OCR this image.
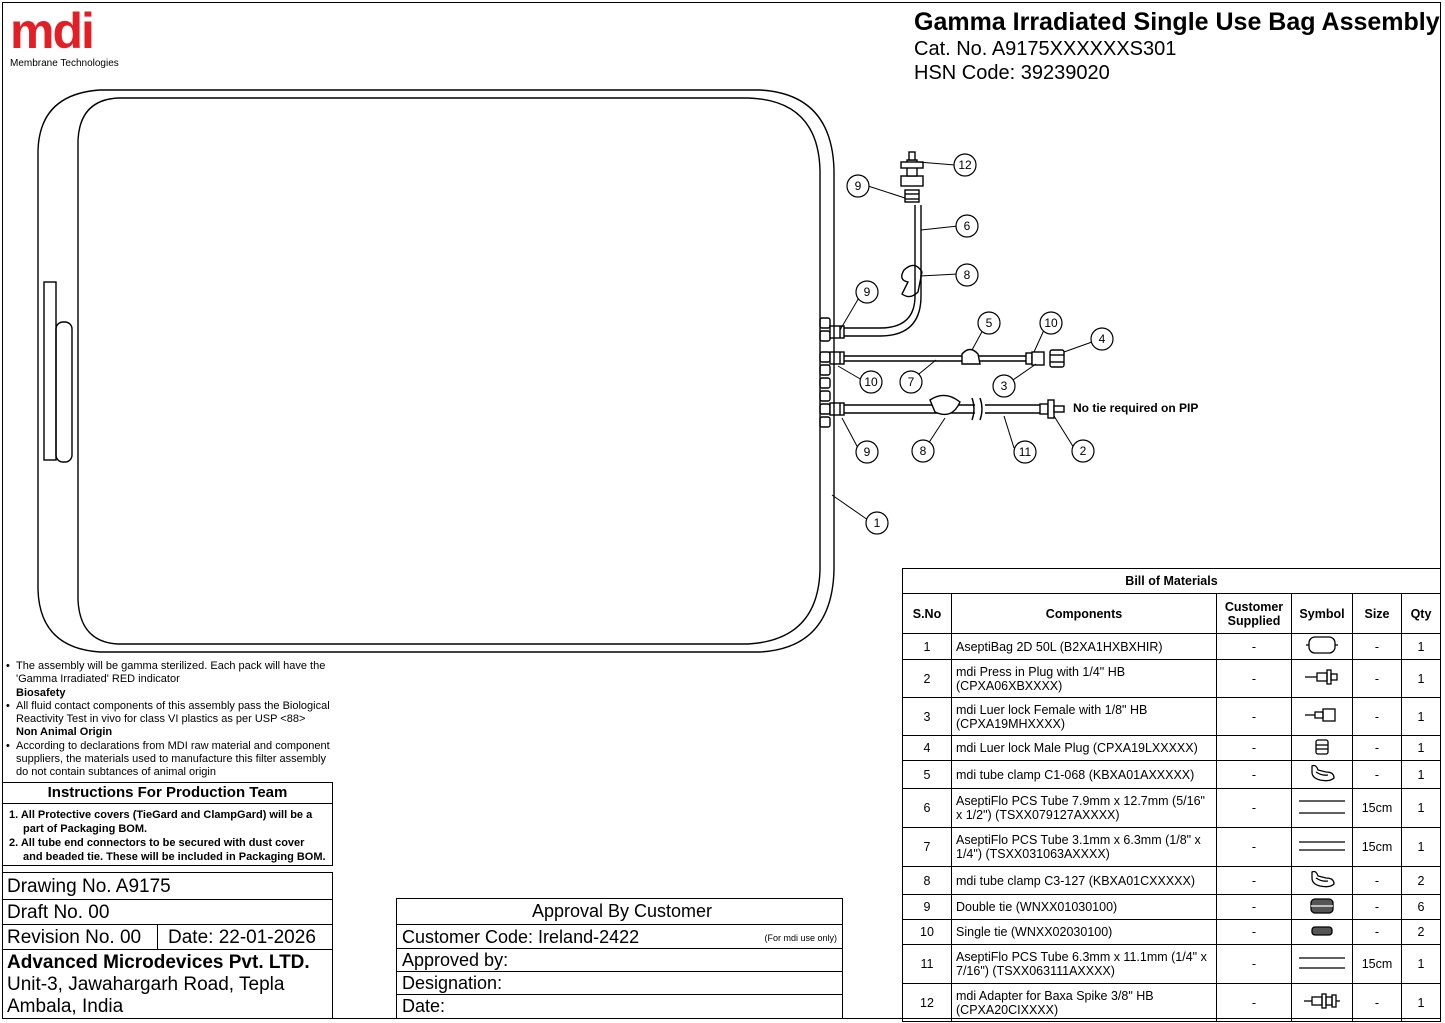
mdi
Membrane Technologies
Gamma Irradiated Single Use Bag Assembly
Cat. No. A9175XXXXXXS301
HSN Code: 39239020
1
2
3
4
5
6
7
8
8
9
9
9
12
10
10
11
No tie required on PIP
• The assembly will be gamma sterilized. Each pack will have the 'Gamma Irradiated' RED indicator
Biosafety
• All fluid contact components of this assembly pass the Biological Reactivity Test in vivo for class VI plastics as per USP <88>
Non Animal Origin
• According to declarations from MDI raw material and component suppliers, the materials used to manufacture this filter assembly do not contain subtances of animal origin
Instructions For Production Team
1. All Protective covers (TieGard and ClampGard) will be a part of Packaging BOM.
2. All tube end connectors to be secured with dust cover and beaded tie. These will be included in Packaging BOM.
Drawing No. A9175
Draft No. 00
Revision No. 00	Date: 22-01-2026
Advanced Microdevices Pvt. LTD.
Unit-3, Jawahargarh Road, Tepla
Ambala, India
Approval By Customer
Customer Code: Ireland-2422	(For mdi use only)
Approved by:
Designation:
Date:
Bill of Materials					
S.No	Components	Customer Supplied	Symbol	Size	Qty
1	AseptiBag 2D 50L (B2XA1HXBXHIR)	-		-	1
2	mdi Press in Plug with 1/4" HB (CPXA06XBXXXX)	-		-	1
3	mdi Luer lock Female with 1/8" HB (CPXA19MHXXXX)	-		-	1
4	mdi Luer lock Male Plug (CPXA19LXXXXX)	-		-	1
5	mdi tube clamp C1-068 (KBXA01AXXXXX)	-		-	1
6	AseptiFlo PCS Tube 7.9mm x 12.7mm (5/16" x 1/2") (TSXX079127AXXXX)	-		15cm	1
7	AseptiFlo PCS Tube 3.1mm x 6.3mm (1/8" x 1/4") (TSXX031063AXXXX)	-		15cm	1
8	mdi tube clamp C3-127 (KBXA01CXXXXX)	-		-	2
9	Double tie (WNXX01030100)	-		-	6
10	Single tie (WNXX02030100)	-		-	2
11	AseptiFlo PCS Tube 6.3mm x 11.1mm (1/4" x 7/16") (TSXX063111AXXXX)	-		15cm	1
12	mdi Adapter for Baxa Spike 3/8" HB (CPXA20CIXXXX)	-		-	1
